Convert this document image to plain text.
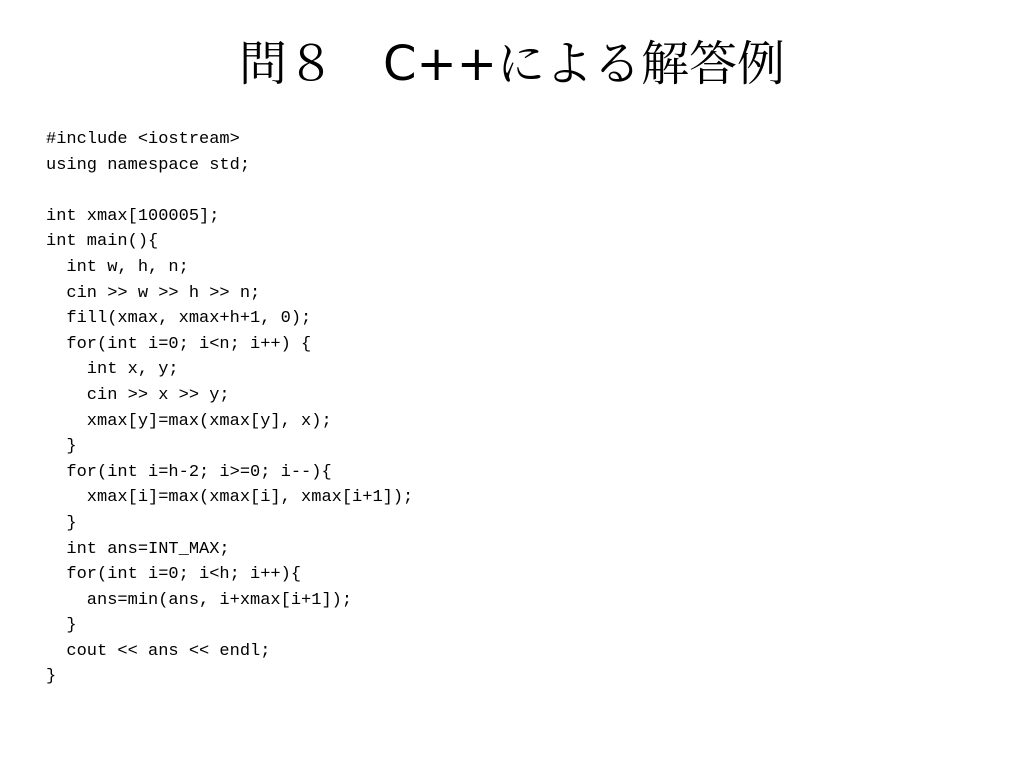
問８　C++による解答例
#include <iostream>
using namespace std;
int xmax[100005];
int main(){
int w, h, n;
cin >> w >> h >> n;
fill(xmax, xmax+h+1, 0);
for(int i=0; i<n; i++) {
int x, y;
cin >> x >> y;
xmax[y]=max(xmax[y], x);
}
for(int i=h-2; i>=0; i--){
xmax[i]=max(xmax[i], xmax[i+1]);
}
int ans=INT_MAX;
for(int i=0; i<h; i++){
ans=min(ans, i+xmax[i+1]);
}
cout << ans << endl;
}
